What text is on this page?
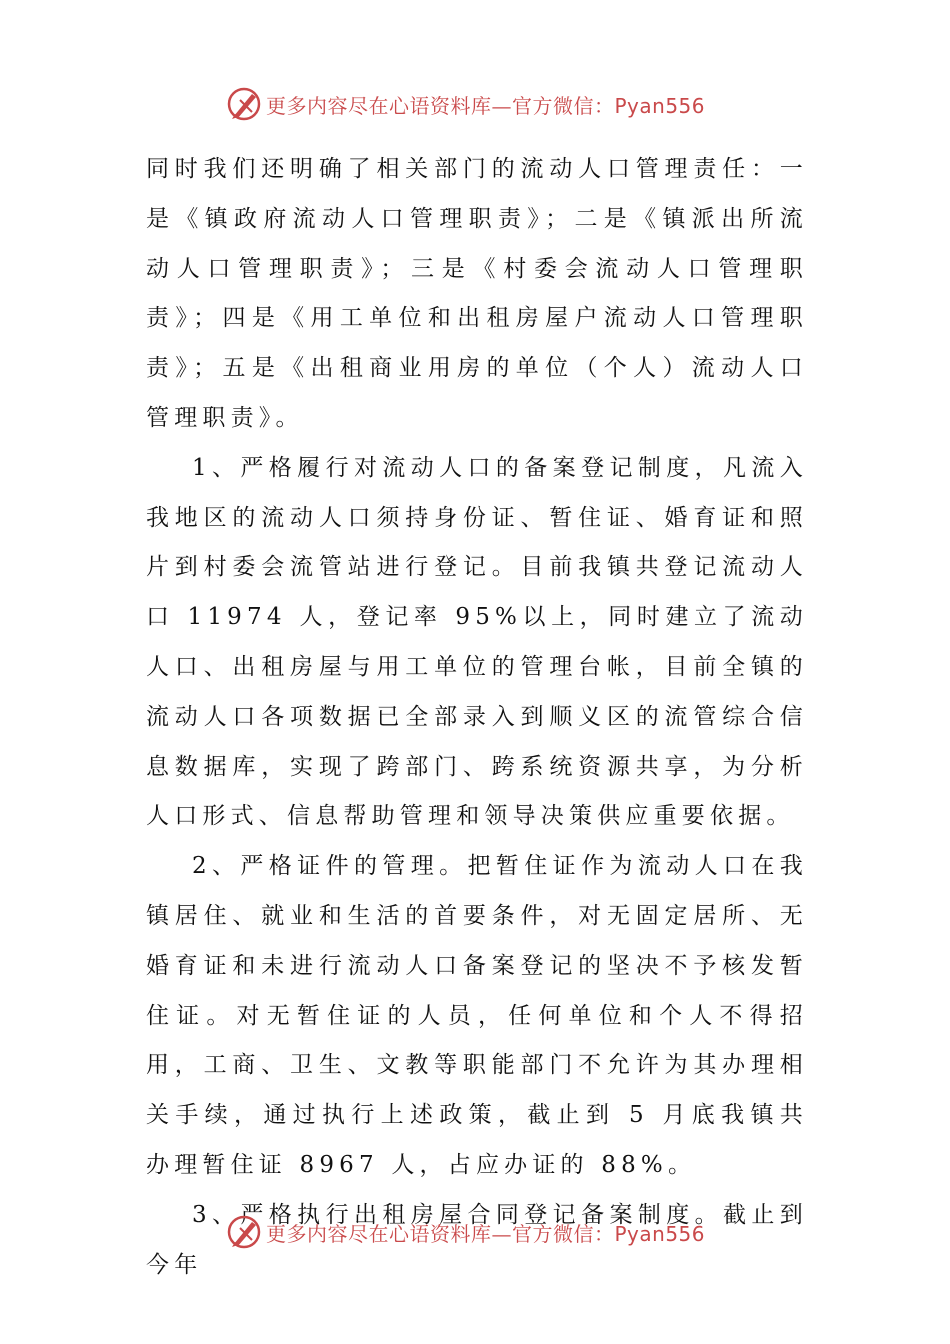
更多内容尽在心语资料库—官方微信：Pyan556

同时我们还明确了相关部门的流动人口管理责任：一是《镇政府流动人口管理职责》；二是《镇派出所流动人口管理职责》；三是《村委会流动人口管理职责》；四是《用工单位和出租房屋户流动人口管理职责》；五是《出租商业用房的单位（个人）流动人口管理职责》。

1、严格履行对流动人口的备案登记制度，凡流入我地区的流动人口须持身份证、暂住证、婚育证和照片到村委会流管站进行登记。目前我镇共登记流动人口 11974 人，登记率 95%以上，同时建立了流动人口、出租房屋与用工单位的管理台帐，目前全镇的流动人口各项数据已全部录入到顺义区的流管综合信息数据库，实现了跨部门、跨系统资源共享，为分析人口形式、信息帮助管理和领导决策供应重要依据。

2、严格证件的管理。把暂住证作为流动人口在我镇居住、就业和生活的首要条件，对无固定居所、无婚育证和未进行流动人口备案登记的坚决不予核发暂住证。对无暂住证的人员，任何单位和个人不得招用，工商、卫生、文教等职能部门不允许为其办理相关手续，通过执行上述政策，截止到 5 月底我镇共办理暂住证 8967 人，占应办证的 88%。

3、严格执行出租房屋合同登记备案制度。截止到今年

更多内容尽在心语资料库—官方微信：Pyan556
